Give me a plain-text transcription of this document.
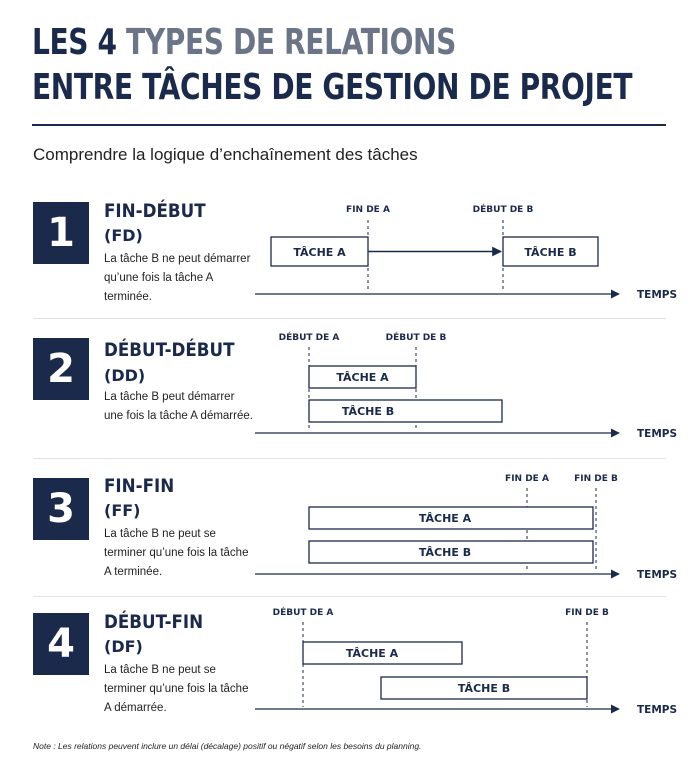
LES 4 TYPES DE RELATIONS
ENTRE TÂCHES DE GESTION DE PROJET
Comprendre la logique d’enchaînement des tâches
1	FIN-DÉBUT
(FD)
La tâche B ne peut démarrer qu’une fois la tâche A terminée.
2	DÉBUT-DÉBUT
(DD)
La tâche B peut démarrer une fois la tâche A démarrée.
3	FIN-FIN
(FF)
La tâche B ne peut se terminer qu’une fois la tâche A terminée.
4	DÉBUT-FIN
(DF)
La tâche B ne peut se terminer qu’une fois la tâche A démarrée.
Note : Les relations peuvent inclure un délai (décalage) positif ou négatif selon les besoins du planning.
FIN DE A	DÉBUT DE B
TÂCHE A	TÂCHE B
TEMPS
DÉBUT DE A	DÉBUT DE B
TÂCHE A
TÂCHE B
TEMPS
FIN DE A	FIN DE B
TÂCHE A
TÂCHE B
TEMPS
DÉBUT DE A	FIN DE B
TÂCHE A
TÂCHE B
TEMPS
